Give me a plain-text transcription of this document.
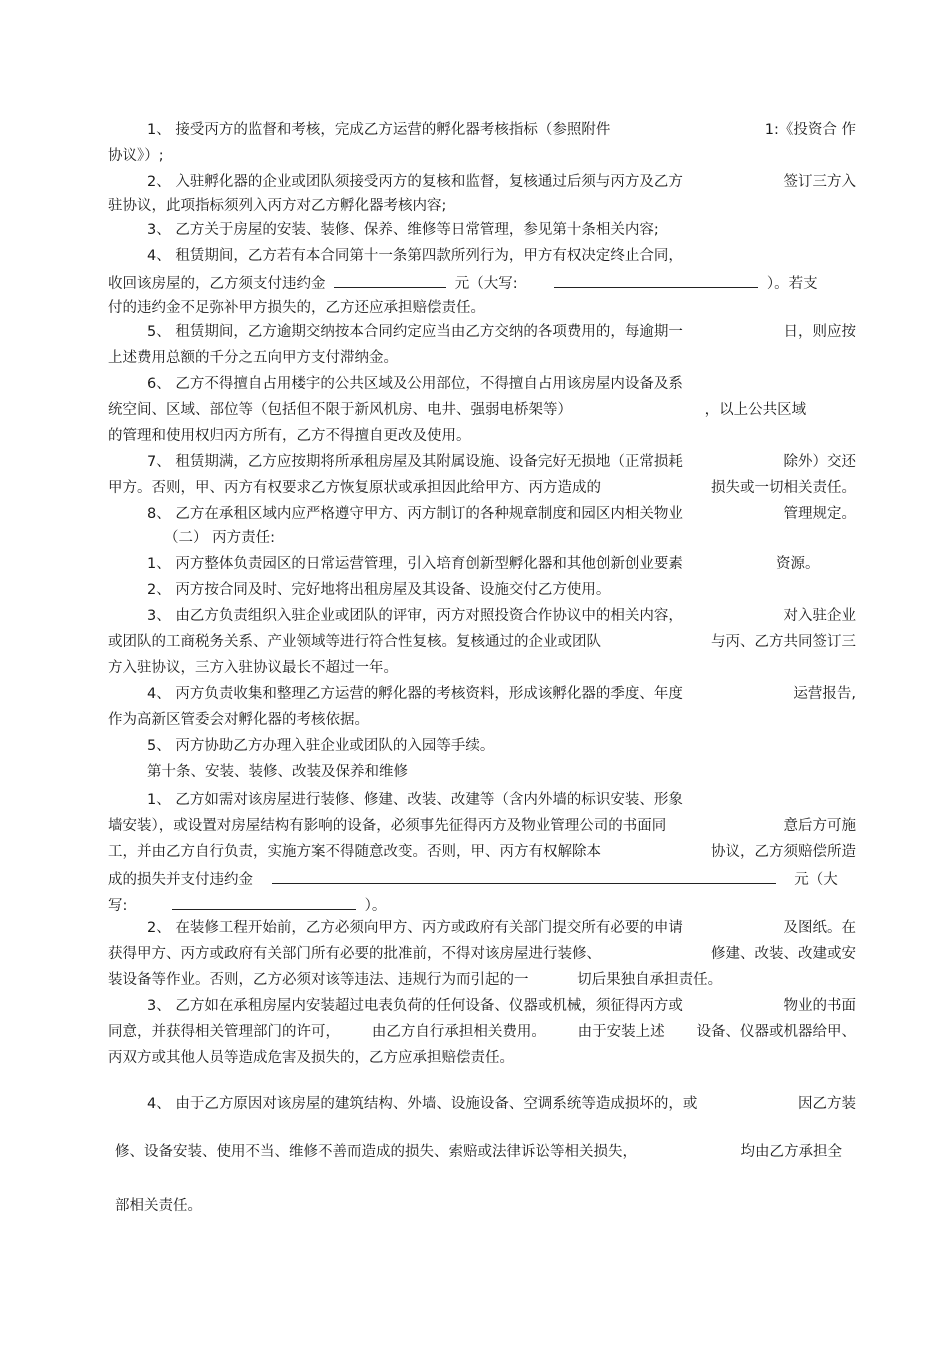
1、 接受丙方的监督和考核，完成乙方运营的孵化器考核指标（参照附件	1:《投资合 作
协议》）;
2、 入驻孵化器的企业或团队须接受丙方的复核和监督，复核通过后须与丙方及乙方	签订三方入
驻协议，此项指标须列入丙方对乙方孵化器考核内容;
3、 乙方关于房屋的安装、装修、保养、维修等日常管理，参见第十条相关内容;
4、 租赁期间，乙方若有本合同第十一条第四款所列行为，甲方有权决定终止合同，
收回该房屋的，乙方须支付违约金	元（大写:	）。若支
付的违约金不足弥补甲方损失的，乙方还应承担赔偿责任。
5、 租赁期间，乙方逾期交纳按本合同约定应当由乙方交纳的各项费用的，每逾期一	日，则应按
上述费用总额的千分之五向甲方支付滞纳金。
6、 乙方不得擅自占用楼宇的公共区域及公用部位，不得擅自占用该房屋内设备及系
统空间、区域、部位等（包括但不限于新风机房、电井、强弱电桥架等）	，以上公共区域
的管理和使用权归丙方所有，乙方不得擅自更改及使用。
7、 租赁期满，乙方应按期将所承租房屋及其附属设施、设备完好无损地（正常损耗	除外）交还
甲方。否则，甲、丙方有权要求乙方恢复原状或承担因此给甲方、丙方造成的	损失或一切相关责任。
8、 乙方在承租区域内应严格遵守甲方、丙方制订的各种规章制度和园区内相关物业	管理规定。
（二） 丙方责任:
1、 丙方整体负责园区的日常运营管理，引入培育创新型孵化器和其他创新创业要素	资源。
2、 丙方按合同及时、完好地将出租房屋及其设备、设施交付乙方使用。
3、 由乙方负责组织入驻企业或团队的评审，丙方对照投资合作协议中的相关内容，	对入驻企业
或团队的工商税务关系、产业领域等进行符合性复核。复核通过的企业或团队	与丙、乙方共同签订三
方入驻协议，三方入驻协议最长不超过一年。
4、 丙方负责收集和整理乙方运营的孵化器的考核资料，形成该孵化器的季度、年度	运营报告,
作为高新区管委会对孵化器的考核依据。
5、 丙方协助乙方办理入驻企业或团队的入园等手续。
第十条、安装、装修、改装及保养和维修
1、 乙方如需对该房屋进行装修、修建、改装、改建等（含内外墙的标识安装、形象
墙安装），或设置对房屋结构有影响的设备，必须事先征得丙方及物业管理公司的书面同	意后方可施
工，并由乙方自行负责，实施方案不得随意改变。否则，甲、丙方有权解除本	协议，乙方须赔偿所造
成的损失并支付违约金	元（大
写:	）。
2、 在装修工程开始前，乙方必须向甲方、丙方或政府有关部门提交所有必要的申请	及图纸。在
获得甲方、丙方或政府有关部门所有必要的批准前，不得对该房屋进行装修、	修建、改装、改建或安
装设备等作业。否则，乙方必须对该等违法、违规行为而引起的一	切后果独自承担责任。
3、 乙方如在承租房屋内安装超过电表负荷的任何设备、仪器或机械，须征得丙方或	物业的书面
同意，并获得相关管理部门的许可， 由乙方自行承担相关费用。 由于安装上述 设备、仪器或机器给甲、
丙双方或其他人员等造成危害及损失的，乙方应承担赔偿责任。
4、 由于乙方原因对该房屋的建筑结构、外墙、设施设备、空调系统等造成损坏的，或	因乙方装
修、设备安装、使用不当、维修不善而造成的损失、索赔或法律诉讼等相关损失，	均由乙方承担全
部相关责任。
